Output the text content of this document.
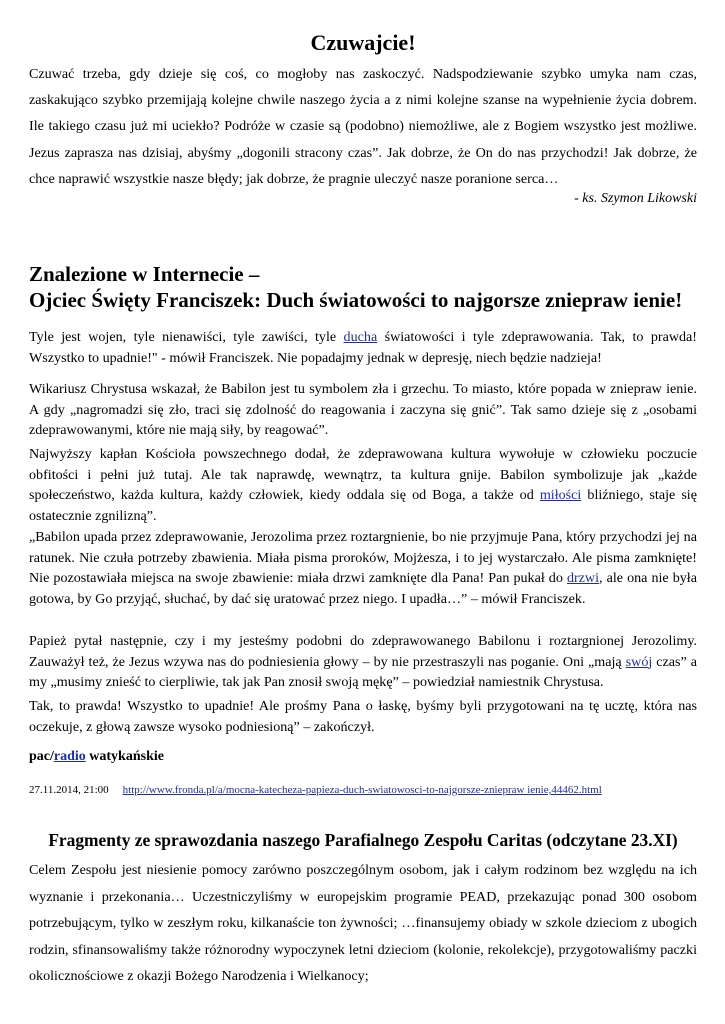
Czuwajcie!

Czuwać trzeba, gdy dzieje się coś, co mogłoby nas zaskoczyć. Nadspodziewanie szybko umyka nam czas, zaskakująco szybko przemijają kolejne chwile naszego życia a z nimi kolejne szanse na wypełnienie życia dobrem. Ile takiego czasu już mi uciekło? Podróże w czasie są (podobno) niemożliwe, ale z Bogiem wszystko jest możliwe. Jezus zaprasza nas dzisiaj, abyśmy „dogonili stracony czas”. Jak dobrze, że On do nas przychodzi! Jak dobrze, że chce naprawić wszystkie nasze błędy; jak dobrze, że pragnie uleczyć nasze poranione serca…

- ks. Szymon Likowski
Znalezione w Internecie –
Ojciec Święty Franciszek: Duch światowości to najgorsze zniepraw ienie!

Tyle jest wojen, tyle nienawiści, tyle zawiści, tyle ducha światowości i tyle zdeprawowania. Tak, to prawda! Wszystko to upadnie!" - mówił Franciszek. Nie popadajmy jednak w depresję, niech będzie nadzieja!

Wikariusz Chrystusa wskazał, że Babilon jest tu symbolem zła i grzechu. To miasto, które popada w zniepraw ienie. A gdy „nagromadzi się zło, traci się zdolność do reagowania i zaczyna się gnić”. Tak samo dzieje się z „osobami zdeprawowanymi, które nie mają siły, by reagować”.

Najwyższy kapłan Kościoła powszechnego dodał, że zdeprawowana kultura wywołuje w człowieku poczucie obfitości i pełni już tutaj. Ale tak naprawdę, wewnątrz, ta kultura gnije. Babilon symbolizuje jak „każde społeczeństwo, każda kultura, każdy człowiek, kiedy oddala się od Boga, a także od miłości bliźniego, staje się ostatecznie zgnilizną”.

„Babilon upada przez zdeprawowanie, Jerozolima przez roztargnienie, bo nie przyjmuje Pana, który przychodzi jej na ratunek. Nie czuła potrzeby zbawienia. Miała pisma proroków, Mojżesza, i to jej wystarczało. Ale pisma zamknięte! Nie pozostawiała miejsca na swoje zbawienie: miała drzwi zamknięte dla Pana! Pan pukał do drzwi, ale ona nie była gotowa, by Go przyjąć, słuchać, by dać się uratować przez niego. I upadła…” – mówił Franciszek.

Papież pytał następnie, czy i my jesteśmy podobni do zdeprawowanego Babilonu i roztargnionej Jerozolimy. Zauważył też, że Jezus wzywa nas do podniesienia głowy – by nie przestraszyli nas poganie. Oni „mają swój czas” a my „musimy znieść to cierpliwie, tak jak Pan znosił swoją mękę” – powiedział namiestnik Chrystusa.

Tak, to prawda! Wszystko to upadnie! Ale prośmy Pana o łaskę, byśmy byli przygotowani na tę ucztę, która nas oczekuje, z głową zawsze wysoko podniesioną” – zakończył.

pac/radio watykańskie

27.11.2014, 21:00 http://www.fronda.pl/a/mocna-katecheza-papieza-duch-swiatowosci-to-najgorsze-zniepraw ienie,44462.html

Fragmenty ze sprawozdania naszego Parafialnego Zespołu Caritas (odczytane 23.XI)

Celem Zespołu jest niesienie pomocy zarówno poszczególnym osobom, jak i całym rodzinom bez względu na ich wyznanie i przekonania… Uczestniczyliśmy w europejskim programie PEAD, przekazując ponad 300 osobom potrzebującym, tylko w zeszłym roku, kilkanaście ton żywności; …finansujemy obiady w szkole dzieciom z ubogich rodzin, sfinansowaliśmy także różnorodny wypoczynek letni dzieciom (kolonie, rekolekcje), przygotowaliśmy paczki okolicznościowe z okazji Bożego Narodzenia i Wielkanocy;
